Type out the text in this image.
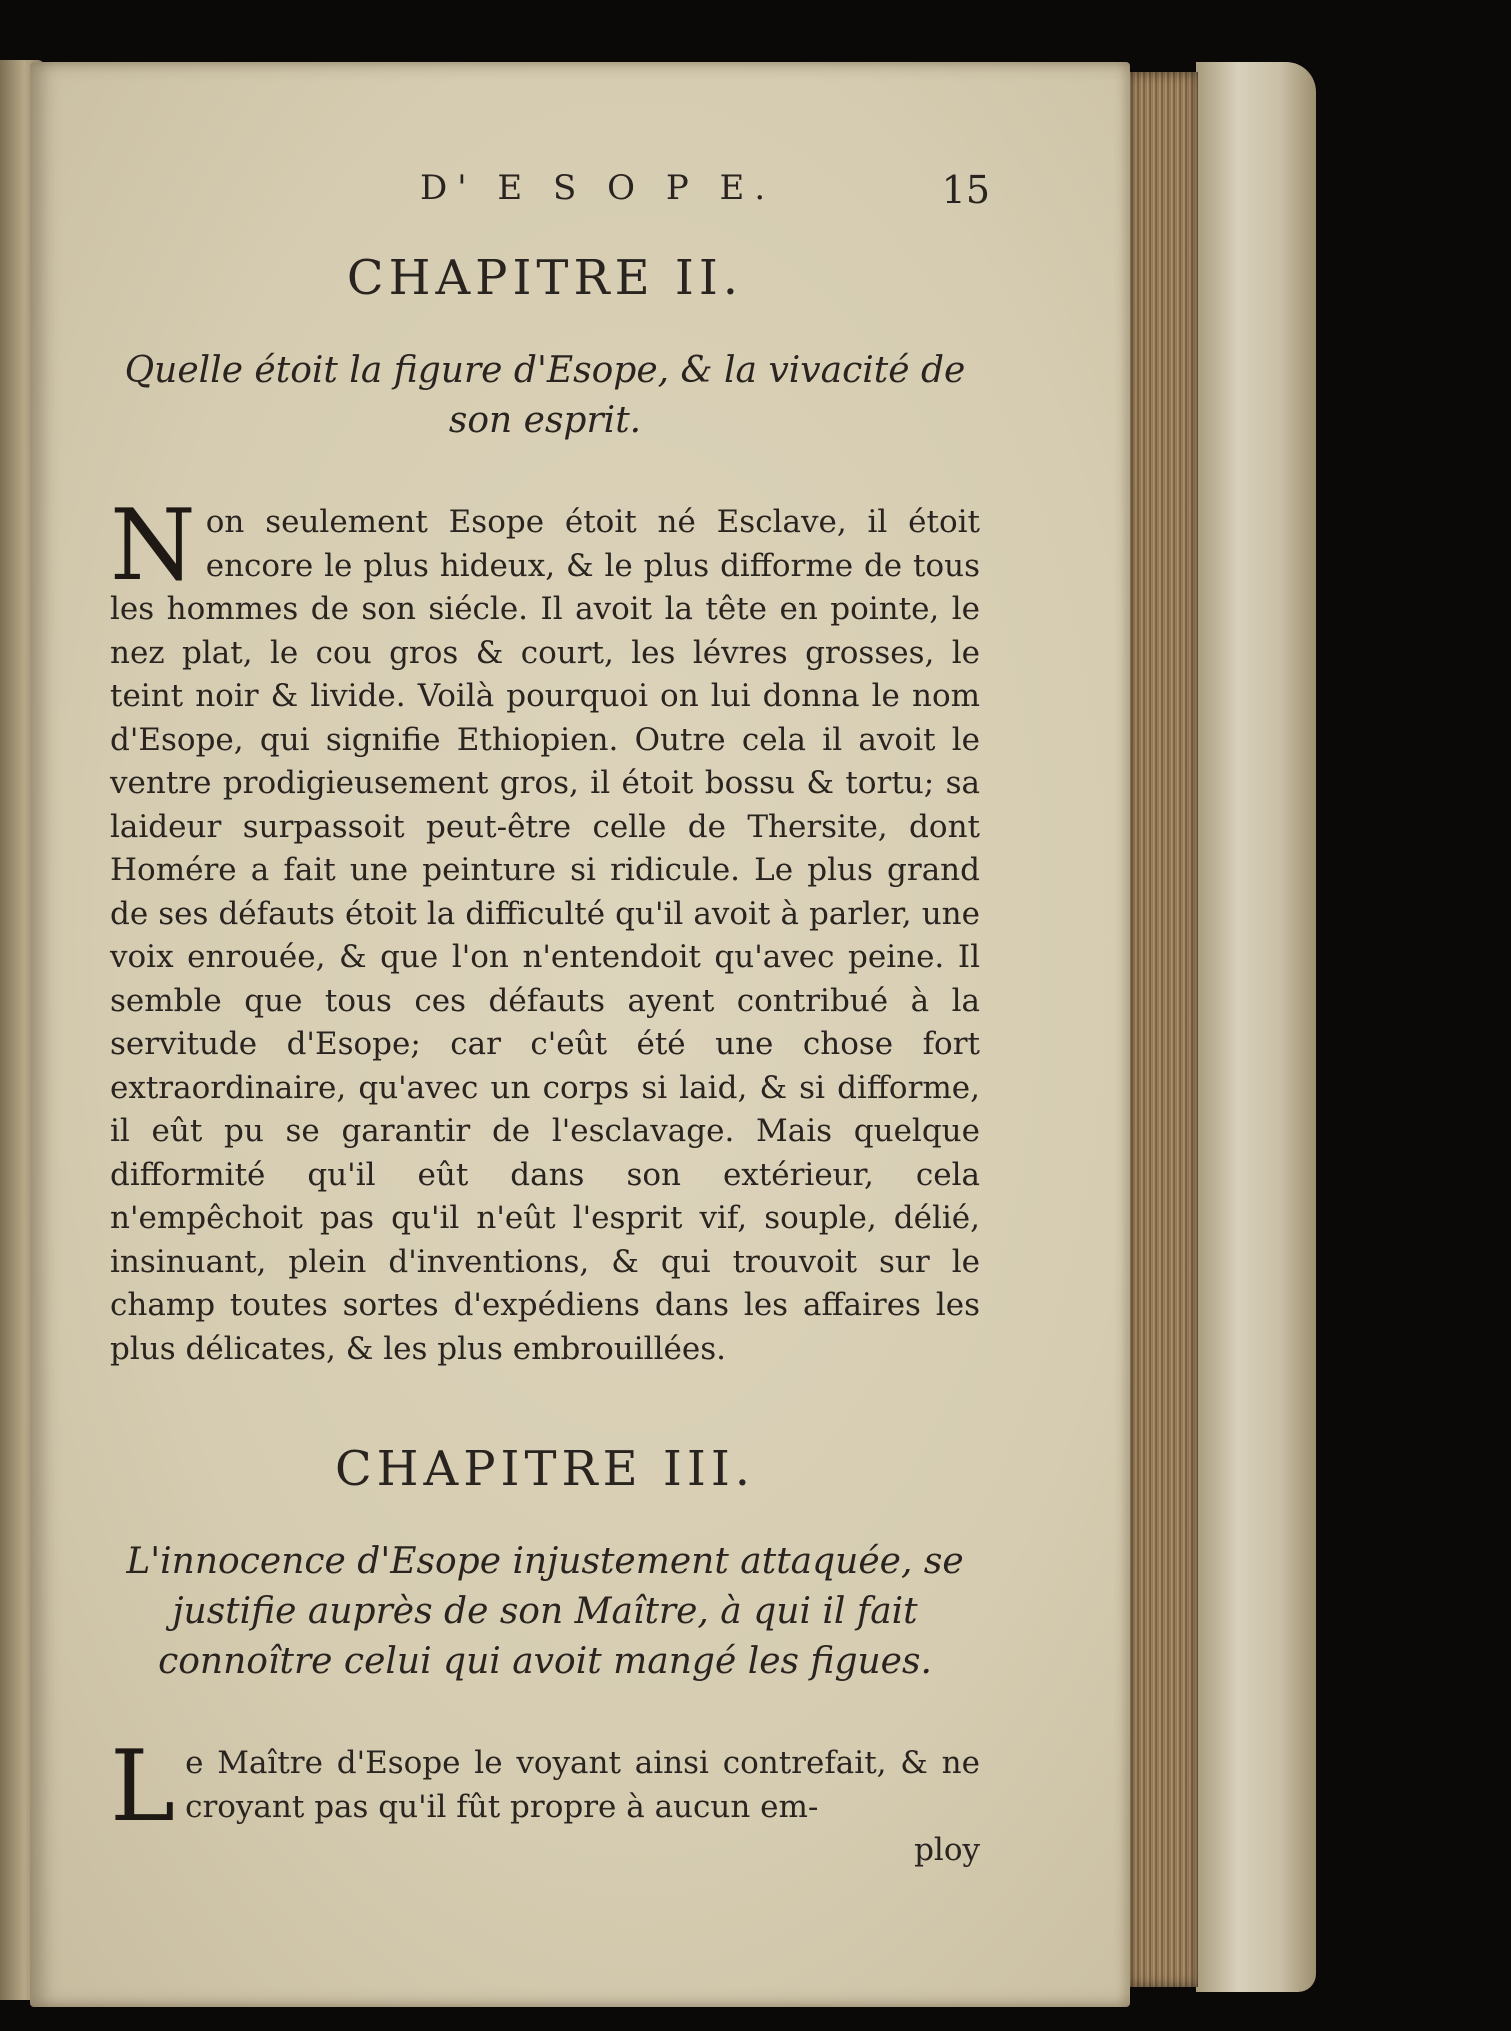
D' E S O P E.	15
CHAPITRE II.
Quelle étoit la figure d'Esope, & la vivacité de son esprit.

Non seulement Esope étoit né Esclave, il étoit encore le plus hideux, & le plus difforme de tous les hommes de son siécle. Il avoit la tête en pointe, le nez plat, le cou gros & court, les lévres grosses, le teint noir & livide. Voilà pourquoi on lui donna le nom d'Esope, qui signifie Ethiopien. Outre cela il avoit le ventre prodigieusement gros, il étoit bossu & tortu; sa laideur surpassoit peut-être celle de Thersite, dont Homére a fait une peinture si ridicule. Le plus grand de ses défauts étoit la difficulté qu'il avoit à parler, une voix enrouée, & que l'on n'entendoit qu'avec peine. Il semble que tous ces défauts ayent contribué à la servitude d'Esope; car c'eût été une chose fort extraordinaire, qu'avec un corps si laid, & si difforme, il eût pu se garantir de l'esclavage. Mais quelque difformité qu'il eût dans son extérieur, cela n'empêchoit pas qu'il n'eût l'esprit vif, souple, délié, insinuant, plein d'inventions, & qui trouvoit sur le champ toutes sortes d'expédiens dans les affaires les plus délicates, & les plus embrouillées.

CHAPITRE III.
L'innocence d'Esope injustement attaquée, se justifie auprès de son Maître, à qui il fait connoître celui qui avoit mangé les figues.

Le Maître d'Esope le voyant ainsi contrefait, & ne croyant pas qu'il fût propre à aucun em-

ploy
